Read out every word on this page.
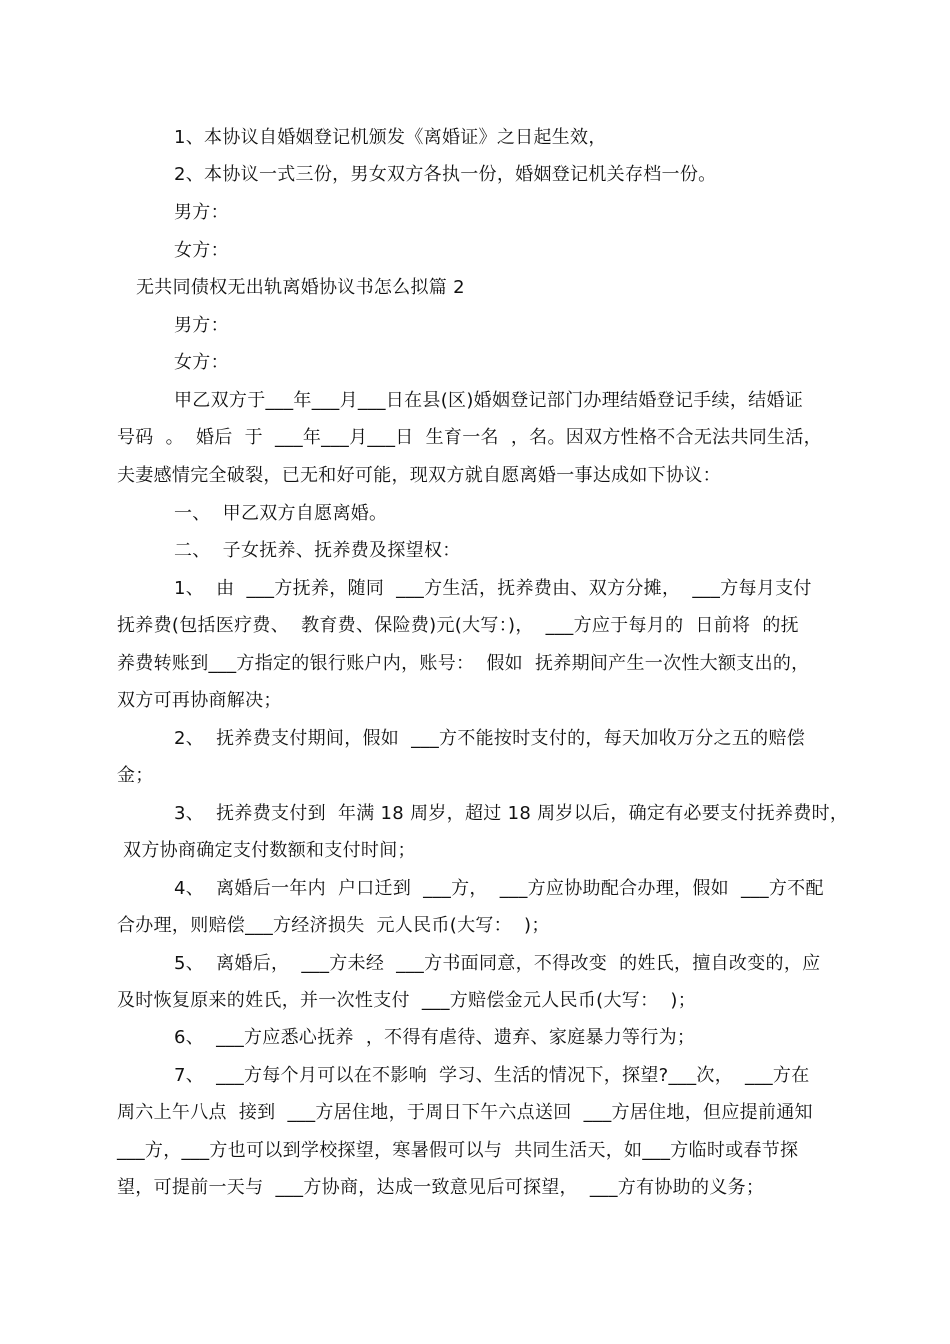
1、本协议自婚姻登记机颁发《离婚证》之日起生效，
2、本协议一式三份，男女双方各执一份，婚姻登记机关存档一份。
男方：
女方：
无共同债权无出轨离婚协议书怎么拟篇 2
男方：
女方：
甲乙双方于___年___月___日在县(区)婚姻登记部门办理结婚登记手续，结婚证
号码  。  婚后  于  ___年___月___日  生育一名  ，名。因双方性格不合无法共同生活，
夫妻感情完全破裂，已无和好可能，现双方就自愿离婚一事达成如下协议：
一、  甲乙双方自愿离婚。
二、  子女抚养、抚养费及探望权：
1、  由  ___方抚养，随同  ___方生活，抚养费由、双方分摊，  ___方每月支付
抚养费(包括医疗费、  教育费、保险费)元(大写：)，  ___方应于每月的  日前将  的抚
养费转账到___方指定的银行账户内，账号：  假如  抚养期间产生一次性大额支出的，
双方可再协商解决；
2、  抚养费支付期间，假如  ___方不能按时支付的，每天加收万分之五的赔偿
金；
3、  抚养费支付到  年满 18 周岁，超过 18 周岁以后，确定有必要支付抚养费时，
双方协商确定支付数额和支付时间；
4、  离婚后一年内  户口迁到  ___方，  ___方应协助配合办理，假如  ___方不配
合办理，则赔偿___方经济损失  元人民币(大写：  )；
5、  离婚后，  ___方未经  ___方书面同意，不得改变  的姓氏，擅自改变的，应
及时恢复原来的姓氏，并一次性支付  ___方赔偿金元人民币(大写：  )；
6、  ___方应悉心抚养  ，不得有虐待、遗弃、家庭暴力等行为；
7、  ___方每个月可以在不影响  学习、生活的情况下，探望?___次，  ___方在
周六上午八点  接到  ___方居住地，于周日下午六点送回  ___方居住地，但应提前通知
___方，___方也可以到学校探望，寒暑假可以与  共同生活天，如___方临时或春节探
望，可提前一天与  ___方协商，达成一致意见后可探望，  ___方有协助的义务；
